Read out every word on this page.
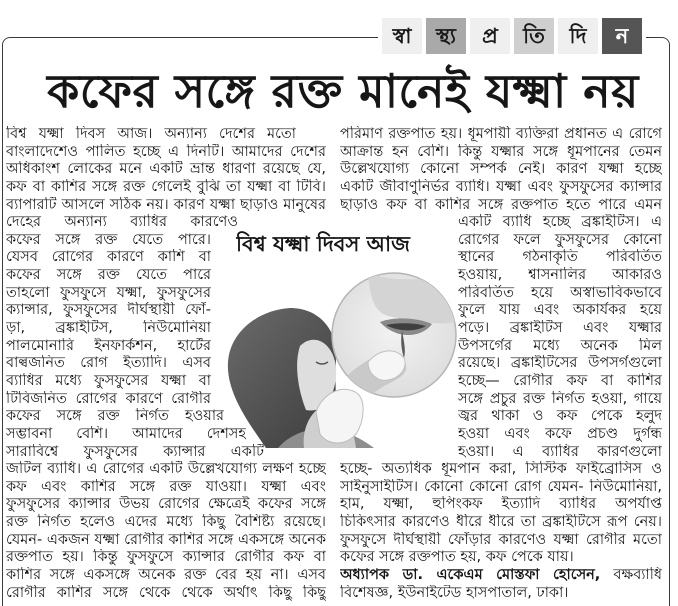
স্বা	স্থ্য	প্র	তি	দি	ন
কফের সঙ্গে রক্ত মানেই যক্ষ্মা নয়
বিশ্ব যক্ষ্মা দিবস আজ। অন্যান্য দেশের মতো
বাংলাদেশেও পালিত হচ্ছে এ দিনটি। আমাদের দেশের
অধিকাংশ লোকের মনে একটি ভ্রান্ত ধারণা রয়েছে যে,
কফ বা কাশির সঙ্গে রক্ত গেলেই বুঝি তা যক্ষ্মা বা টিবি।
ব্যাপারটি আসলে সঠিক নয়। কারণ যক্ষ্মা ছাড়াও মানুষের
দেহের অন্যান্য ব্যাধির কারণেও
কফের সঙ্গে রক্ত যেতে পারে।
যেসব রোগের কারণে কাশি বা
কফের সঙ্গে রক্ত যেতে পারে
তাহলো ফুসফুসে যক্ষ্মা, ফুসফুসের
ক্যান্সার, ফুসফুসের দীর্ঘস্থায়ী ফোঁ-
ড়া, ব্রঙ্কাইটিস, নিউমোনিয়া
পালমোনারি ইনফার্কশন, হার্টের
বাল্বজনিত রোগ ইত্যাদি। এসব
ব্যাধির মধ্যে ফুসফুসের যক্ষ্মা বা
টিবিজনিত রোগের কারণে রোগীর
কফের সঙ্গে রক্ত নির্গত হওয়ার
সম্ভাবনা বেশি। আমাদের দেশসহ
সারাবিশ্বে ফুসফুসের ক্যান্সার একটি
জটিল ব্যাধি। এ রোগের একটি উল্লেখযোগ্য লক্ষণ হচ্ছে
কফ এবং কাশির সঙ্গে রক্ত যাওয়া। যক্ষ্মা এবং
ফুসফুসের ক্যান্সার উভয় রোগের ক্ষেত্রেই কফের সঙ্গে
রক্ত নির্গত হলেও এদের মধ্যে কিছু বৈশিষ্ট্য রয়েছে।
যেমন- একজন যক্ষ্মা রোগীর কাশির সঙ্গে একসঙ্গে অনেক
রক্তপাত হয়। কিন্তু ফুসফুসে ক্যান্সার রোগীর কফ বা
কাশির সঙ্গে একসঙ্গে অনেক রক্ত বের হয় না। এসব
রোগীর কাশির সঙ্গে থেকে থেকে অর্থাৎ কিছু কিছু
পরিমাণ রক্তপাত হয়। ধূমপায়ী ব্যক্তিরা প্রধানত এ রোগে
আক্রান্ত হন বেশি। কিন্তু যক্ষ্মার সঙ্গে ধূমপানের তেমন
উল্লেখযোগ্য কোনো সম্পর্ক নেই। কারণ যক্ষ্মা হচ্ছে
একটি জীবাণুনির্ভর ব্যাধি। যক্ষ্মা এবং ফুসফুসের ক্যান্সার
ছাড়াও কফ বা কাশির সঙ্গে রক্তপাত হতে পারে এমন
একটি ব্যাধি হচ্ছে ব্রঙ্কাইটিস। এ
রোগের ফলে ফুসফুসের কোনো
স্থানের গঠনাকৃতি পরিবর্তিত
হওয়ায়, শ্বাসনালির আকারও
পরিবর্তিত হয়ে অস্বাভাবিকভাবে
ফুলে যায় এবং অকার্যকর হয়ে
পড়ে। ব্রঙ্কাইটিস এবং যক্ষ্মার
উপসর্গের মধ্যে অনেক মিল
রয়েছে। ব্রঙ্কাইটিসের উপসর্গগুলো
হচ্ছে— রোগীর কফ বা কাশির
সঙ্গে প্রচুর রক্ত নির্গত হওয়া, গায়ে
জ্বর থাকা ও কফ পেকে হলুদ
হওয়া এবং কফে প্রচণ্ড দুর্গন্ধ
হওয়া। এ ব্যাধির কারণগুলো
হচ্ছে- অত্যধিক ধূমপান করা, সিস্টিক ফাইব্রোসিস ও
সাইনুসাইটিস। কোনো কোনো রোগ যেমন- নিউমোনিয়া,
হাম, যক্ষ্মা, হুপিংকফ ইত্যাদি ব্যাধির অপর্যাপ্ত
চিকিৎসার কারণেও ধীরে ধীরে তা ব্রঙ্কাইটিসে রূপ নেয়।
ফুসফুসে দীর্ঘস্থায়ী ফোঁড়ার কারণেও যক্ষ্মা রোগীর মতো
কফের সঙ্গে রক্তপাত হয়, কফ পেকে যায়।
অধ্যাপক ডা. একেএম মোস্তফা হোসেন, বক্ষব্যাধি
বিশেষজ্ঞ, ইউনাইটেড হাসপাতাল, ঢাকা।
বিশ্ব যক্ষ্মা দিবস আজ
